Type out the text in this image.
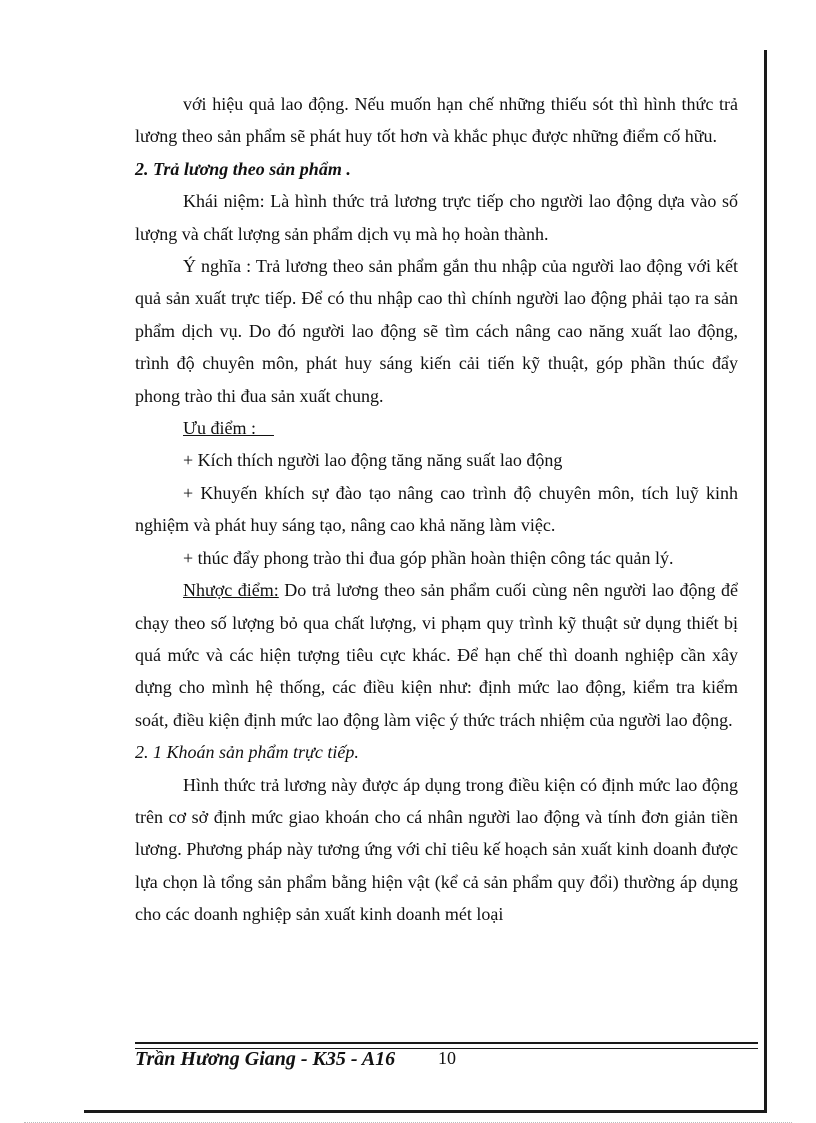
với hiệu quả lao động. Nếu muốn hạn chế những thiếu sót thì hình thức trả lương theo sản phẩm sẽ phát huy tốt hơn và khắc phục được những điểm cố hữu.

2. Trả lương theo sản phẩm .

Khái niệm: Là hình thức trả lương trực tiếp cho người lao động dựa vào số lượng và chất lượng sản phẩm dịch vụ mà họ hoàn thành.

Ý nghĩa : Trả lương theo sản phẩm gắn thu nhập của người lao động với kết quả sản xuất trực tiếp. Để có thu nhập cao thì chính người lao động phải tạo ra sản phẩm dịch vụ. Do đó người lao động sẽ tìm cách nâng cao năng xuất lao động, trình độ chuyên môn, phát huy sáng kiến cải tiến kỹ thuật, góp phần thúc đẩy phong trào thi đua sản xuất chung.

Ưu điểm :

+ Kích thích người lao động tăng năng suất lao động

+ Khuyến khích sự đào tạo nâng cao trình độ chuyên môn, tích luỹ kinh nghiệm và phát huy sáng tạo, nâng cao khả năng làm việc.

+ thúc đẩy phong trào thi đua góp phần hoàn thiện công tác quản lý.

Nhược điểm: Do trả lương theo sản phẩm cuối cùng nên người lao động để chạy theo số lượng bỏ qua chất lượng, vi phạm quy trình kỹ thuật sử dụng thiết bị quá mức và các hiện tượng tiêu cực khác. Để hạn chế thì doanh nghiệp cần xây dựng cho mình hệ thống, các điều kiện như: định mức lao động, kiểm tra kiểm soát, điều kiện định mức lao động làm việc ý thức trách nhiệm của người lao động.

2. 1 Khoán sản phẩm trực tiếp.

Hình thức trả lương này được áp dụng trong điều kiện có định mức lao động trên cơ sở định mức giao khoán cho cá nhân người lao động và tính đơn giản tiền lương. Phương pháp này tương ứng với chỉ tiêu kế hoạch sản xuất kinh doanh được lựa chọn là tổng sản phẩm bằng hiện vật (kể cả sản phẩm quy đổi) thường áp dụng cho các doanh nghiệp sản xuất kinh doanh mét loại

Trần Hương Giang - K35 - A16 10
